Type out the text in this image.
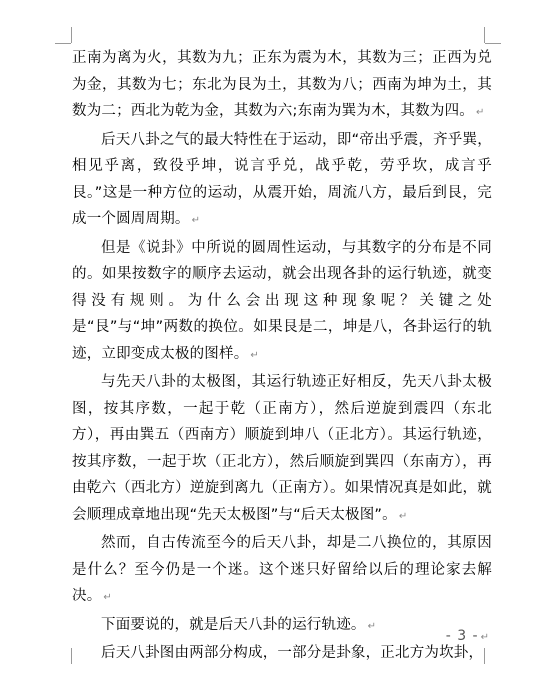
正南为离为火，其数为九；正东为震为木，其数为三；正西为兑为金，其数为七；东北为艮为土，其数为八；西南为坤为土，其数为二；西北为乾为金，其数为六;东南为巽为木，其数为四。 ↵

后天八卦之气的最大特性在于运动，即“帝出乎震，齐乎巽，相见乎离，致役乎坤，说言乎兑，战乎乾，劳乎坎，成言乎艮。”这是一种方位的运动，从震开始，周流八方，最后到艮，完成一个圆周周期。 ↵

但是《说卦》中所说的圆周性运动，与其数字的分布是不同的。如果按数字的顺序去运动，就会出现各卦的运行轨迹，就变得没有规则。为什么会出现这种现象呢？关键之处是“艮”与“坤”两数的换位。如果艮是二，坤是八，各卦运行的轨迹，立即变成太极的图样。 ↵

与先天八卦的太极图，其运行轨迹正好相反，先天八卦太极图，按其序数，一起于乾（正南方），然后逆旋到震四（东北方），再由巽五（西南方）顺旋到坤八（正北方）。其运行轨迹，按其序数，一起于坎（正北方），然后顺旋到巽四（东南方），再由乾六（西北方）逆旋到离九（正南方）。如果情况真是如此，就会顺理成章地出现“先天太极图”与“后天太极图”。 ↵

然而，自古传流至今的后天八卦，却是二八换位的，其原因是什么？至今仍是一个迷。这个迷只好留给以后的理论家去解决。 ↵

下面要说的，就是后天八卦的运行轨迹。 ↵

后天八卦图由两部分构成，一部分是卦象，正北方为坎卦，

- 3 - ↵
